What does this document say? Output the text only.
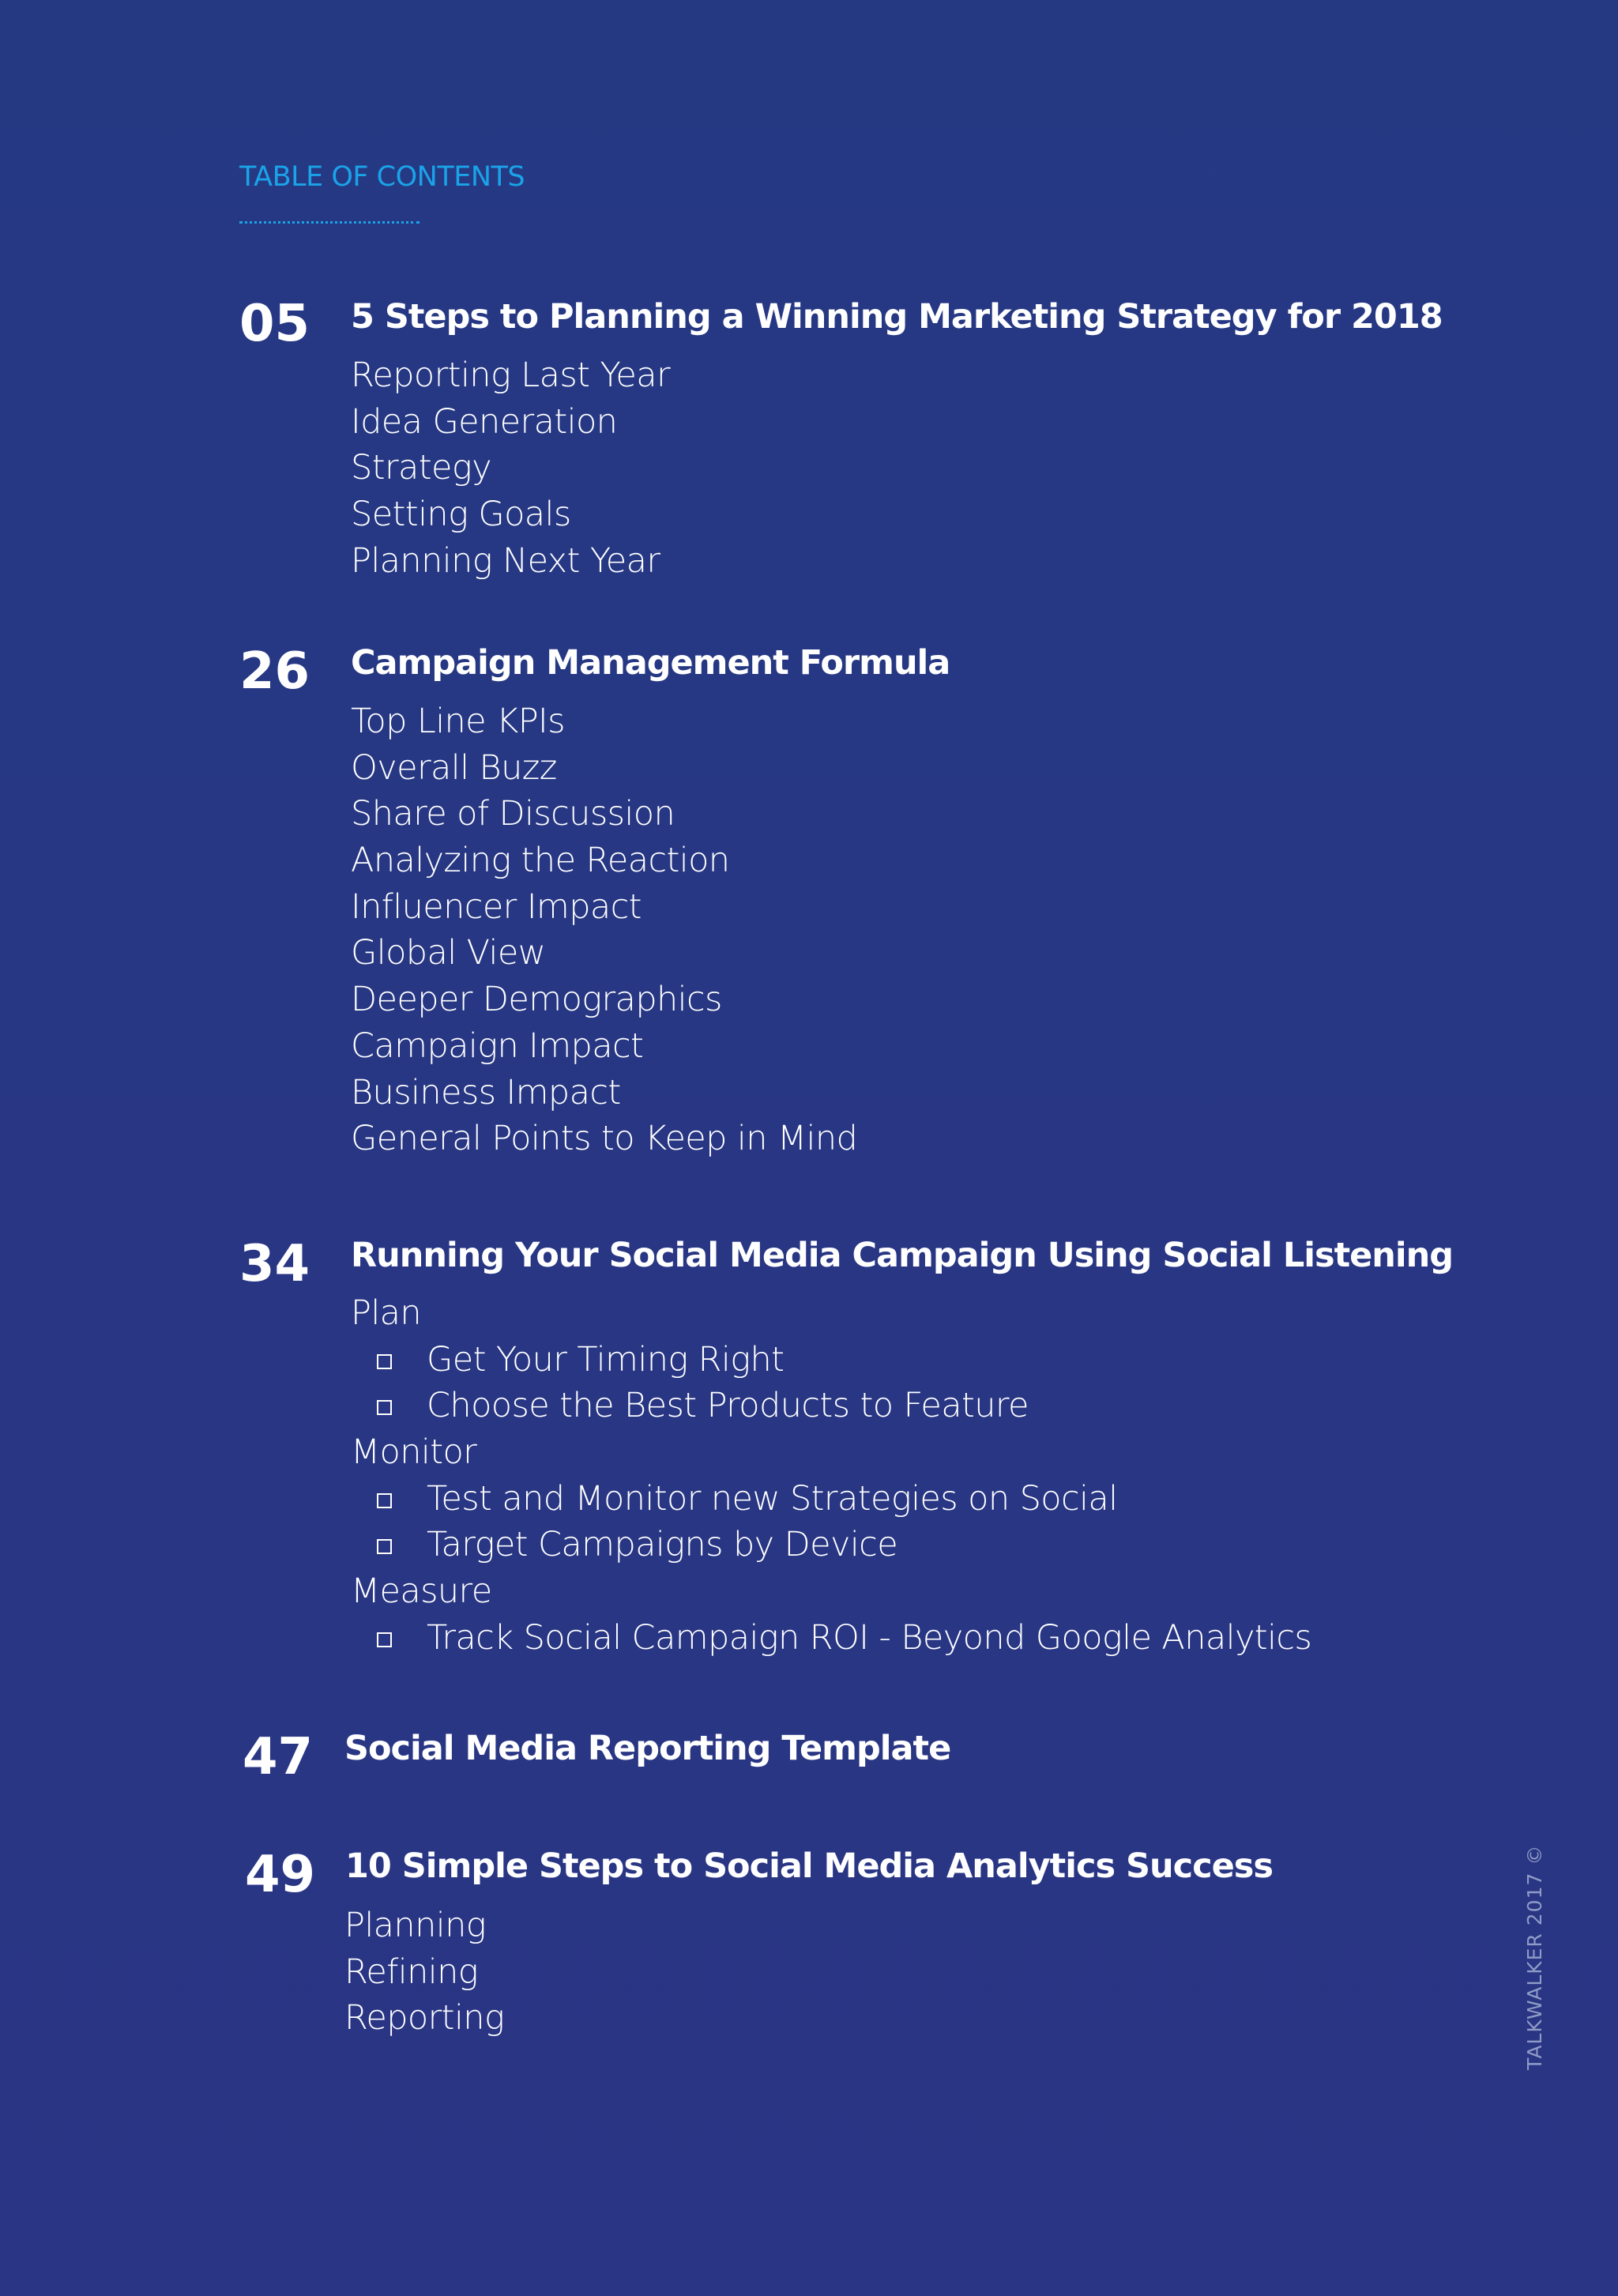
TABLE OF CONTENTS
05 5 Steps to Planning a Winning Marketing Strategy for 2018
Reporting Last Year
Idea Generation
Strategy
Setting Goals
Planning Next Year
26 Campaign Management Formula
Top Line KPIs
Overall Buzz
Share of Discussion
Analyzing the Reaction
Influencer Impact
Global View
Deeper Demographics
Campaign Impact
Business Impact
General Points to Keep in Mind
34 Running Your Social Media Campaign Using Social Listening
Plan
Get Your Timing Right
Choose the Best Products to Feature
Monitor
Test and Monitor new Strategies on Social
Target Campaigns by Device
Measure
Track Social Campaign ROI - Beyond Google Analytics
47 Social Media Reporting Template
49 10 Simple Steps to Social Media Analytics Success
Planning
Refining
Reporting	TALKWALKER 2017 ©
